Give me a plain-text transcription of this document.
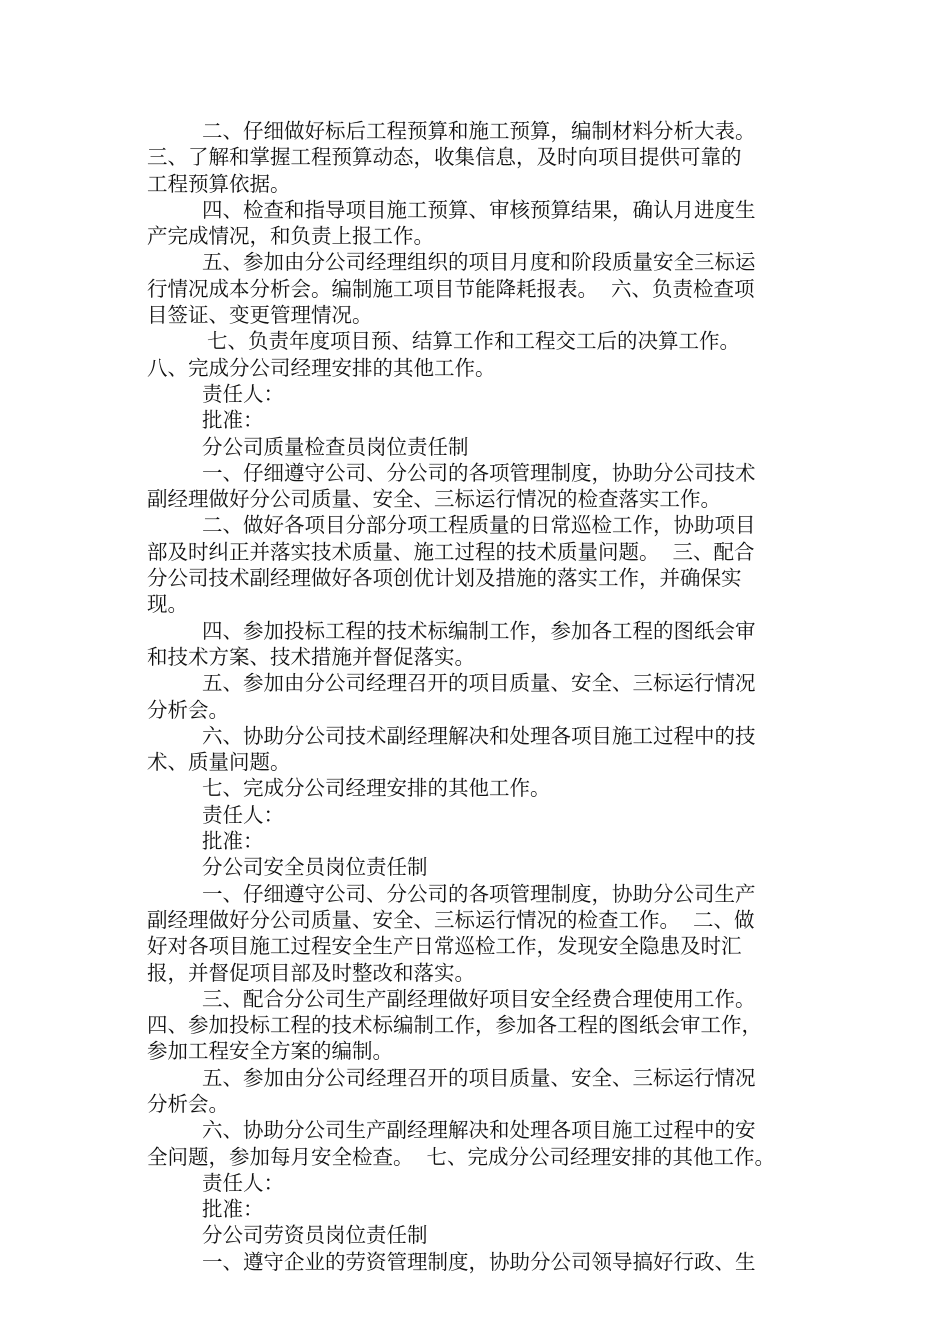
二、仔细做好标后工程预算和施工预算，编制材料分析大表。
三、了解和掌握工程预算动态，收集信息，及时向项目提供可靠的
工程预算依据。
四、检查和指导项目施工预算、审核预算结果，确认月进度生
产完成情况，和负责上报工作。
五、参加由分公司经理组织的项目月度和阶段质量安全三标运
行情况成本分析会。编制施工项目节能降耗报表。  六、负责检查项
目签证、变更管理情况。
七、负责年度项目预、结算工作和工程交工后的决算工作。
八、完成分公司经理安排的其他工作。
责任人：
批准：
分公司质量检查员岗位责任制
一、仔细遵守公司、分公司的各项管理制度，协助分公司技术
副经理做好分公司质量、安全、三标运行情况的检查落实工作。
二、做好各项目分部分项工程质量的日常巡检工作，协助项目
部及时纠正并落实技术质量、施工过程的技术质量问题。  三、配合
分公司技术副经理做好各项创优计划及措施的落实工作，并确保实
现。
四、参加投标工程的技术标编制工作，参加各工程的图纸会审
和技术方案、技术措施并督促落实。
五、参加由分公司经理召开的项目质量、安全、三标运行情况
分析会。
六、协助分公司技术副经理解决和处理各项目施工过程中的技
术、质量问题。
七、完成分公司经理安排的其他工作。
责任人：
批准：
分公司安全员岗位责任制
一、仔细遵守公司、分公司的各项管理制度，协助分公司生产
副经理做好分公司质量、安全、三标运行情况的检查工作。  二、做
好对各项目施工过程安全生产日常巡检工作，发现安全隐患及时汇
报，并督促项目部及时整改和落实。
三、配合分公司生产副经理做好项目安全经费合理使用工作。
四、参加投标工程的技术标编制工作，参加各工程的图纸会审工作，
参加工程安全方案的编制。
五、参加由分公司经理召开的项目质量、安全、三标运行情况
分析会。
六、协助分公司生产副经理解决和处理各项目施工过程中的安
全问题，参加每月安全检查。  七、完成分公司经理安排的其他工作。
责任人：
批准：
分公司劳资员岗位责任制
一、遵守企业的劳资管理制度，协助分公司领导搞好行政、生
